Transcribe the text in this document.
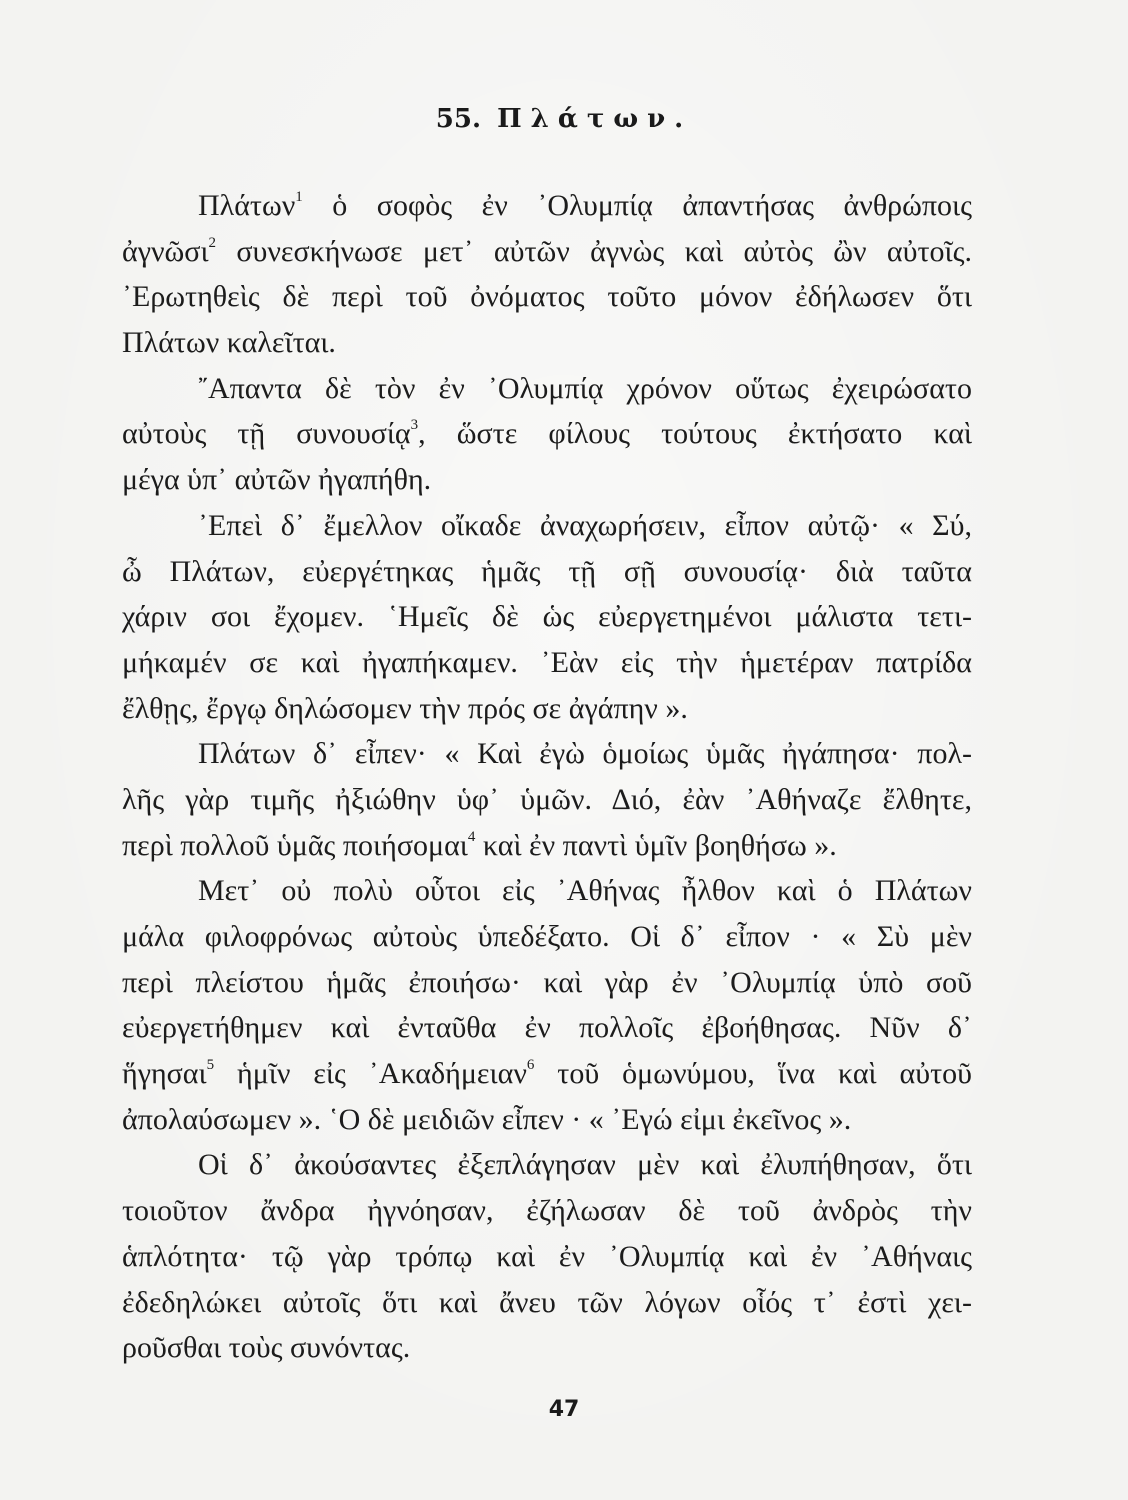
55. Πλάτων.
Πλάτων$^1$ ὁ σοφὸς ἐν ᾿Ολυμπίᾳ ἀπαντήσας ἀνθρώποις
ἀγνῶσι$^2$ συνεσκήνωσε μετ᾿ αὐτῶν ἀγνὼς καὶ αὐτὸς ὢν αὐτοῖς.
᾿Ερωτηθεὶς δὲ περὶ τοῦ ὀνόματος τοῦτο μόνον ἐδήλωσεν ὅτι
Πλάτων καλεῖται.
῎Απαντα δὲ τὸν ἐν ᾿Ολυμπίᾳ χρόνον οὕτως ἐχειρώσατο
αὐτοὺς τῇ συνουσίᾳ$^3$, ὥστε φίλους τούτους ἐκτήσατο καὶ
μέγα ὑπ᾿ αὐτῶν ἠγαπήθη.
᾿Επεὶ δ᾿ ἔμελλον οἴκαδε ἀναχωρήσειν, εἶπον αὐτῷ· « Σύ,
ὦ Πλάτων, εὐεργέτηκας ἡμᾶς τῇ σῇ συνουσίᾳ· διὰ ταῦτα
χάριν σοι ἔχομεν. ῾Ημεῖς δὲ ὡς εὐεργετημένοι μάλιστα τετι-
μήκαμέν σε καὶ ἠγαπήκαμεν. ᾿Εὰν εἰς τὴν ἡμετέραν πατρίδα
ἔλθῃς, ἔργῳ δηλώσομεν τὴν πρός σε ἀγάπην ».
Πλάτων δ᾿ εἶπεν· « Καὶ ἐγὼ ὁμοίως ὑμᾶς ἠγάπησα· πολ-
λῆς γὰρ τιμῆς ἠξιώθην ὑφ᾿ ὑμῶν. Διό, ἐὰν ᾿Αθήναζε ἔλθητε,
περὶ πολλοῦ ὑμᾶς ποιήσομαι$^4$ καὶ ἐν παντὶ ὑμῖν βοηθήσω ».
Μετ᾿ οὐ πολὺ οὗτοι εἰς ᾿Αθήνας ἦλθον καὶ ὁ Πλάτων
μάλα φιλοφρόνως αὐτοὺς ὑπεδέξατο. Οἱ δ᾿ εἶπον · « Σὺ μὲν
περὶ πλείστου ἡμᾶς ἐποιήσω· καὶ γὰρ ἐν ᾿Ολυμπίᾳ ὑπὸ σοῦ
εὐεργετήθημεν καὶ ἐνταῦθα ἐν πολλοῖς ἐβοήθησας. Νῦν δ᾿
ἥγησαι$^5$ ἡμῖν εἰς ᾿Ακαδήμειαν$^6$ τοῦ ὁμωνύμου, ἵνα καὶ αὐτοῦ
ἀπολαύσωμεν ». ῾Ο δὲ μειδιῶν εἶπεν · « ᾿Εγώ εἰμι ἐκεῖνος ».
Οἱ δ᾿ ἀκούσαντες ἐξεπλάγησαν μὲν καὶ ἐλυπήθησαν, ὅτι
τοιοῦτον ἄνδρα ἠγνόησαν, ἐζήλωσαν δὲ τοῦ ἀνδρὸς τὴν
ἁπλότητα· τῷ γὰρ τρόπῳ καὶ ἐν ᾿Ολυμπίᾳ καὶ ἐν ᾿Αθήναις
ἐδεδηλώκει αὐτοῖς ὅτι καὶ ἄνευ τῶν λόγων οἷός τ᾿ ἐστὶ χει-
ροῦσθαι τοὺς συνόντας.
47
